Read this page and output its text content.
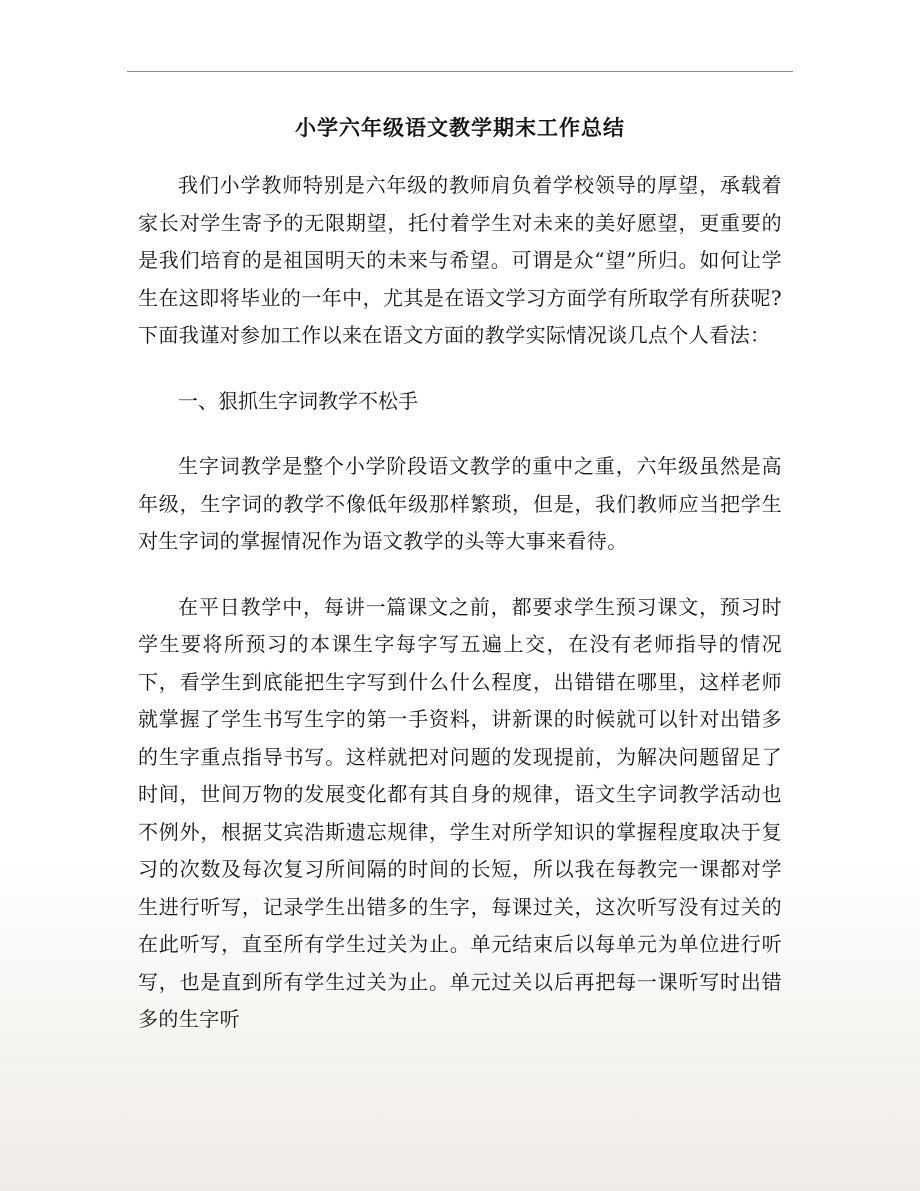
小学六年级语文教学期末工作总结

我们小学教师特别是六年级的教师肩负着学校领导的厚望，承载着家长对学生寄予的无限期望，托付着学生对未来的美好愿望，更重要的是我们培育的是祖国明天的未来与希望。可谓是众“望”所归。如何让学生在这即将毕业的一年中，尤其是在语文学习方面学有所取学有所获呢?下面我谨对参加工作以来在语文方面的教学实际情况谈几点个人看法：

一、狠抓生字词教学不松手

生字词教学是整个小学阶段语文教学的重中之重，六年级虽然是高年级，生字词的教学不像低年级那样繁琐，但是，我们教师应当把学生对生字词的掌握情况作为语文教学的头等大事来看待。

在平日教学中，每讲一篇课文之前，都要求学生预习课文，预习时学生要将所预习的本课生字每字写五遍上交，在没有老师指导的情况下，看学生到底能把生字写到什么什么程度，出错错在哪里，这样老师就掌握了学生书写生字的第一手资料，讲新课的时候就可以针对出错多的生字重点指导书写。这样就把对问题的发现提前，为解决问题留足了时间，世间万物的发展变化都有其自身的规律，语文生字词教学活动也不例外，根据艾宾浩斯遗忘规律，学生对所学知识的掌握程度取决于复习的次数及每次复习所间隔的时间的长短，所以我在每教完一课都对学生进行听写，记录学生出错多的生字，每课过关，这次听写没有过关的在此听写，直至所有学生过关为止。单元结束后以每单元为单位进行听写，也是直到所有学生过关为止。单元过关以后再把每一课听写时出错多的生字听
